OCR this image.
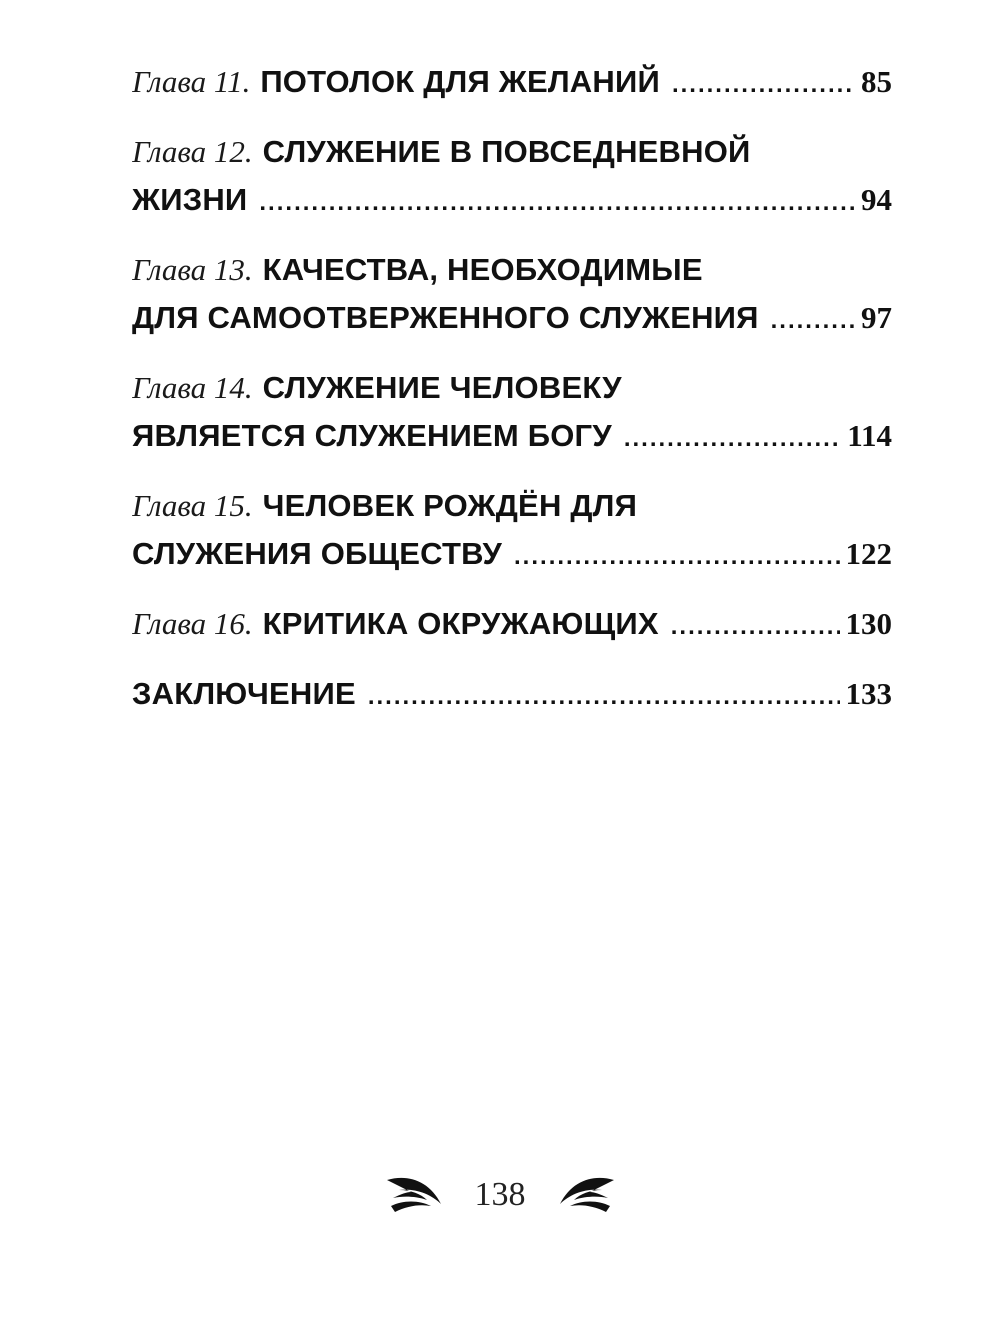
Глава 11. ПОТОЛОК ДЛЯ ЖЕЛАНИЙ .....	85
Глава 12. СЛУЖЕНИЕ В ПОВСЕДНЕВНОЙ
ЖИЗНИ .....	94
Глава 13. КАЧЕСТВА, НЕОБХОДИМЫЕ
ДЛЯ САМООТВЕРЖЕННОГО СЛУЖЕНИЯ .....	97
Глава 14. СЛУЖЕНИЕ ЧЕЛОВЕКУ
ЯВЛЯЕТСЯ СЛУЖЕНИЕМ БОГУ .....	114
Глава 15. ЧЕЛОВЕК РОЖДЁН ДЛЯ
СЛУЖЕНИЯ ОБЩЕСТВУ .....	122
Глава 16. КРИТИКА ОКРУЖАЮЩИХ .....	130
ЗАКЛЮЧЕНИЕ .....	133
138
